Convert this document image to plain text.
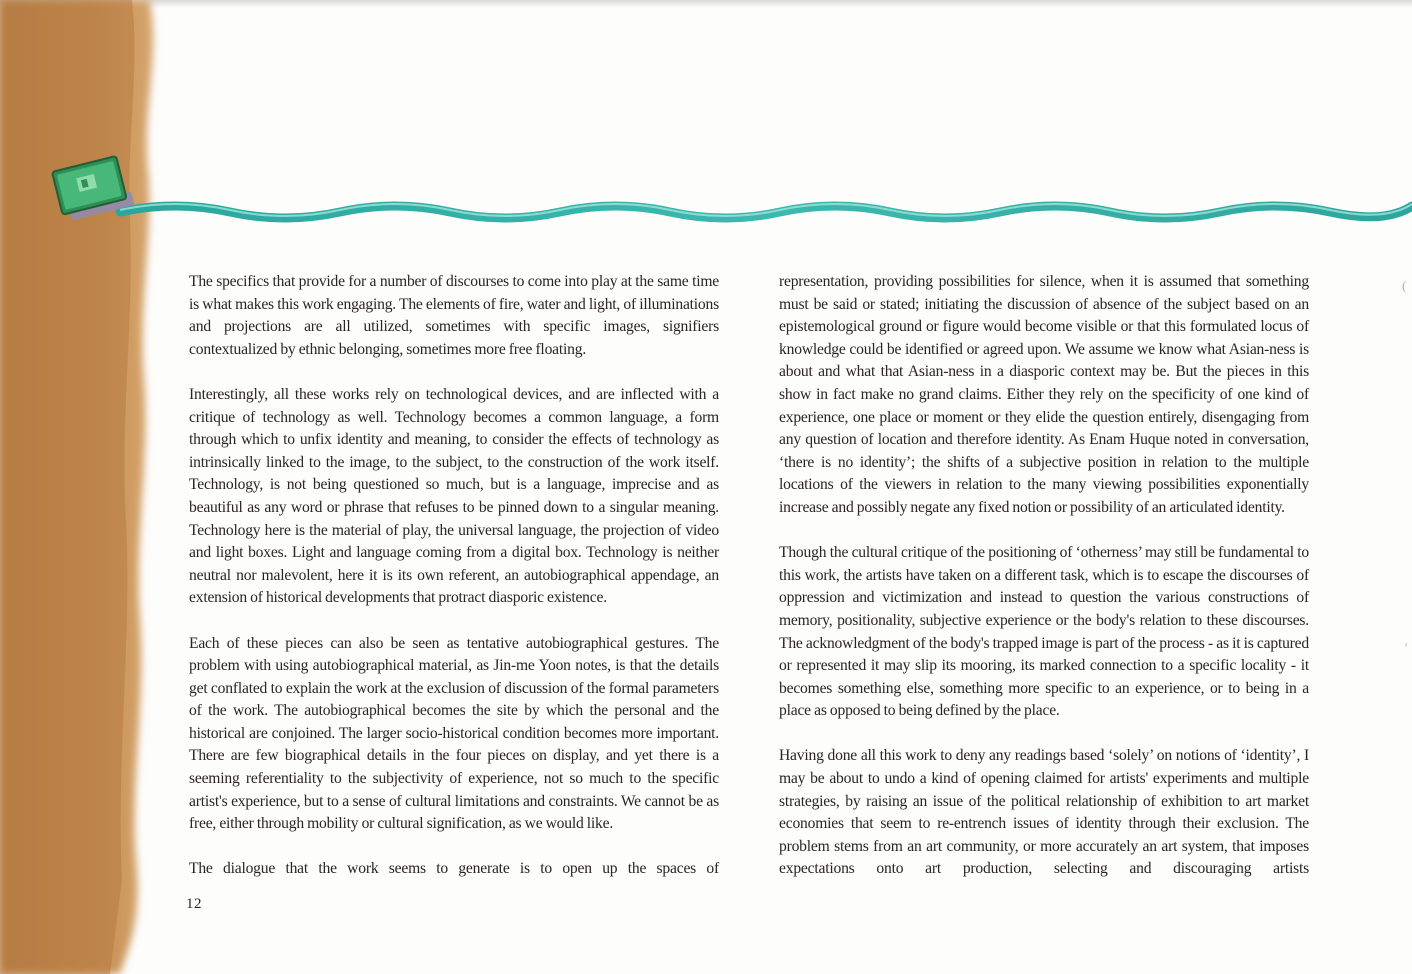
The specifics that provide for a number of discourses to come into play at the same time is what makes this work engaging. The elements of fire, water and light, of illuminations and projections are all utilized, sometimes with specific images, signifiers contextualized by ethnic belonging, sometimes more free floating.

Interestingly, all these works rely on technological devices, and are inflected with a critique of technology as well. Technology becomes a common language, a form through which to unfix identity and meaning, to consider the effects of technology as intrinsically linked to the image, to the subject, to the construction of the work itself. Technology, is not being questioned so much, but is a language, imprecise and as beautiful as any word or phrase that refuses to be pinned down to a singular meaning. Technology here is the material of play, the universal language, the projection of video and light boxes. Light and language coming from a digital box. Technology is neither neutral nor malevolent, here it is its own referent, an autobiographical appendage, an extension of historical developments that protract diasporic existence.

Each of these pieces can also be seen as tentative autobiographical gestures. The problem with using autobiographical material, as Jin-me Yoon notes, is that the details get conflated to explain the work at the exclusion of discussion of the formal parameters of the work. The autobiographical becomes the site by which the personal and the historical are conjoined. The larger socio-historical condition becomes more important. There are few biographical details in the four pieces on display, and yet there is a seeming referentiality to the subjectivity of experience, not so much to the specific artist's experience, but to a sense of cultural limitations and constraints. We cannot be as free, either through mobility or cultural signification, as we would like.

The dialogue that the work seems to generate is to open up the spaces of

representation, providing possibilities for silence, when it is assumed that something must be said or stated; initiating the discussion of absence of the subject based on an epistemological ground or figure would become visible or that this formulated locus of knowledge could be identified or agreed upon. We assume we know what Asian-ness is about and what that Asian-ness in a diasporic context may be. But the pieces in this show in fact make no grand claims. Either they rely on the specificity of one kind of experience, one place or moment or they elide the question entirely, disengaging from any question of location and therefore identity. As Enam Huque noted in conversation, ‘there is no identity’; the shifts of a subjective position in relation to the multiple locations of the viewers in relation to the many viewing possibilities exponentially increase and possibly negate any fixed notion or possibility of an articulated identity.

Though the cultural critique of the positioning of ‘otherness’ may still be fundamental to this work, the artists have taken on a different task, which is to escape the discourses of oppression and victimization and instead to question the various constructions of memory, positionality, subjective experience or the body's relation to these discourses. The acknowledgment of the body's trapped image is part of the process - as it is captured or represented it may slip its mooring, its marked connection to a specific locality - it becomes something else, something more specific to an experience, or to being in a place as opposed to being defined by the place.

Having done all this work to deny any readings based ‘solely’ on notions of ‘identity’, I may be about to undo a kind of opening claimed for artists' experiments and multiple strategies, by raising an issue of the political relationship of exhibition to art market economies that seem to re-entrench issues of identity through their exclusion. The problem stems from an art community, or more accurately an art system, that imposes expectations onto art production, selecting and discouraging artists

12
(
'
